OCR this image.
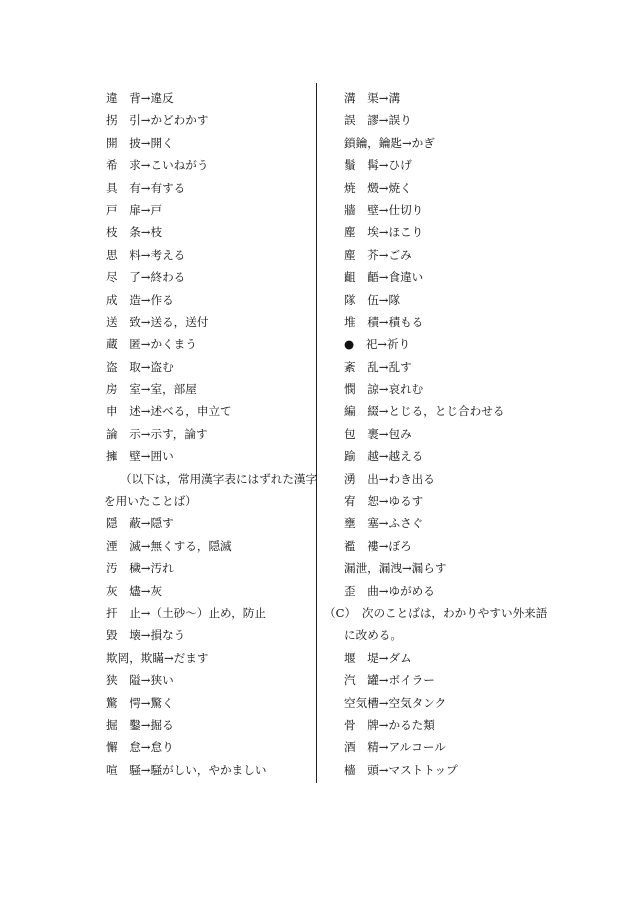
違　背→違反
拐　引→かどわかす
開　披→開く
希　求→こいねがう
具　有→有する
戸　扉→戸
枝　条→枝
思　料→考える
尽　了→終わる
成　造→作る
送　致→送る，送付
蔵　匿→かくまう
盗　取→盗む
房　室→室，部屋
申　述→述べる，申立て
論　示→示す，論す
擁　壁→囲い
（以下は，常用漢字表にはずれた漢字
を用いたことば）
隠　蔽→隠す
湮　滅→無くする，隠滅
汚　穢→汚れ
灰　燼→灰
扞　止→（土砂〜）止め，防止
毀　壊→損なう
欺罔，欺瞞→だます
狭　隘→狭い
驚　愕→驚く
掘　鑿→掘る
懈　怠→怠り
喧　騒→騒がしい，やかましい
溝　渠→溝
誤　謬→誤り
鎖鑰，鑰匙→かぎ
鬚　髯→ひげ
焼　燬→焼く
牆　壁→仕切り
塵　埃→ほこり
塵　芥→ごみ
齟　齬→食違い
隊　伍→隊
堆　積→積もる
●　祀→祈り
紊　乱→乱す
憫　諒→哀れむ
編　綴→とじる，とじ合わせる
包　裹→包み
踰　越→越える
湧　出→わき出る
宥　恕→ゆるす
壅　塞→ふさぐ
襤　褸→ぼろ
漏泄，漏洩→漏らす
歪　曲→ゆがめる
（C）　次のことばは，わかりやすい外来語
に改める。
堰　堤→ダム
汽　罐→ボイラー
空気槽→空気タンク
骨　牌→かるた類
酒　精→アルコール
檣　頭→マストトップ
